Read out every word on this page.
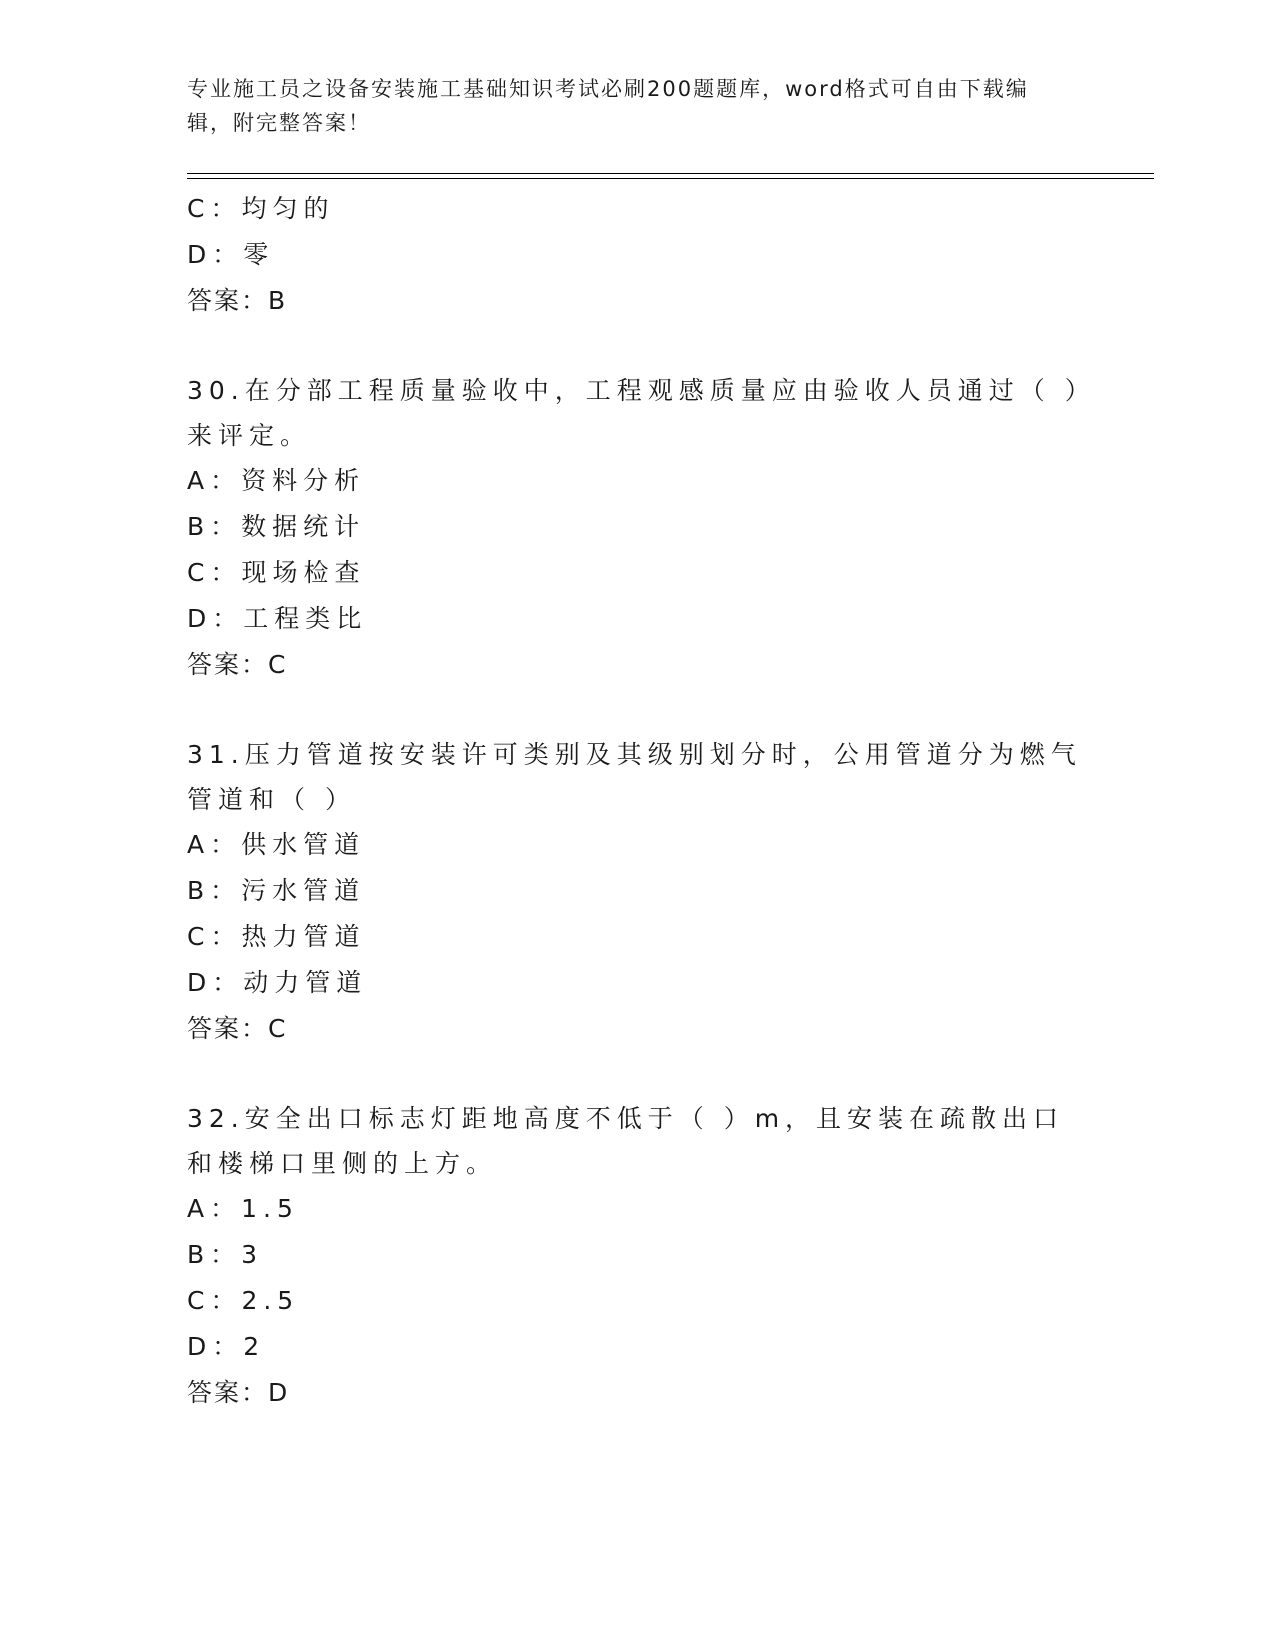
专业施工员之设备安装施工基础知识考试必刷200题题库，word格式可自由下载编辑，附完整答案！
C：均匀的
D：零
答案：B
30.在分部工程质量验收中，工程观感质量应由验收人员通过（ ）来评定。
A：资料分析
B：数据统计
C：现场检查
D：工程类比
答案：C
31.压力管道按安装许可类别及其级别划分时，公用管道分为燃气管道和（ ）
A：供水管道
B：污水管道
C：热力管道
D：动力管道
答案：C
32.安全出口标志灯距地高度不低于（ ）m，且安装在疏散出口和楼梯口里侧的上方。
A：1.5
B：3
C：2.5
D：2
答案：D
